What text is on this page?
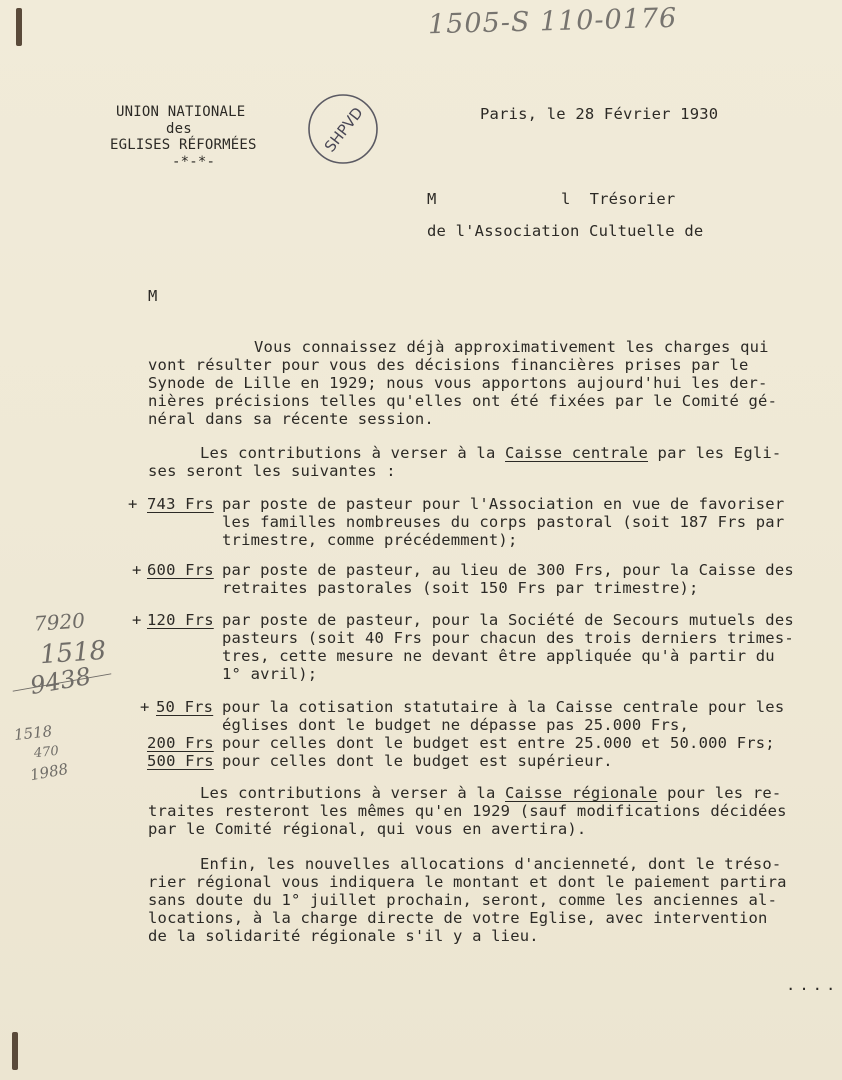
1505-S 110-0176
UNION NATIONALE
des
EGLISES RÉFORMÉES
-*-*-
SHPVD	Paris, le 28 Février 1930
M	l  Trésorier
de l'Association Cultuelle de
M
Vous connaissez déjà approximativement les charges qui
vont résulter pour vous des décisions financières prises par le
Synode de Lille en 1929; nous vous apportons aujourd'hui les der-
nières précisions telles qu'elles ont été fixées par le Comité gé-
néral dans sa récente session.
Les contributions à verser à la Caisse centrale par les Egli-
ses seront les suivantes :
+ 743 Frs par poste de pasteur pour l'Association en vue de favoriser
les familles nombreuses du corps pastoral (soit 187 Frs par
trimestre, comme précédemment);
+ 600 Frs par poste de pasteur, au lieu de 300 Frs, pour la Caisse des
retraites pastorales (soit 150 Frs par trimestre);
+ 120 Frs par poste de pasteur, pour la Société de Secours mutuels des
pasteurs (soit 40 Frs pour chacun des trois derniers trimes-
tres, cette mesure ne devant être appliquée qu'à partir du
1° avril);
+ 50 Frs pour la cotisation statutaire à la Caisse centrale pour les
églises dont le budget ne dépasse pas 25.000 Frs,
200 Frs pour celles dont le budget est entre 25.000 et 50.000 Frs;
500 Frs pour celles dont le budget est supérieur.
Les contributions à verser à la Caisse régionale pour les re-
traites resteront les mêmes qu'en 1929 (sauf modifications décidées
par le Comité régional, qui vous en avertira).
Enfin, les nouvelles allocations d'ancienneté, dont le tréso-
rier régional vous indiquera le montant et dont le paiement partira
sans doute du 1° juillet prochain, seront, comme les anciennes al-
locations, à la charge directe de votre Eglise, avec intervention
de la solidarité régionale s'il y a lieu.
....
7920
1518
9438
1518
470
1988
